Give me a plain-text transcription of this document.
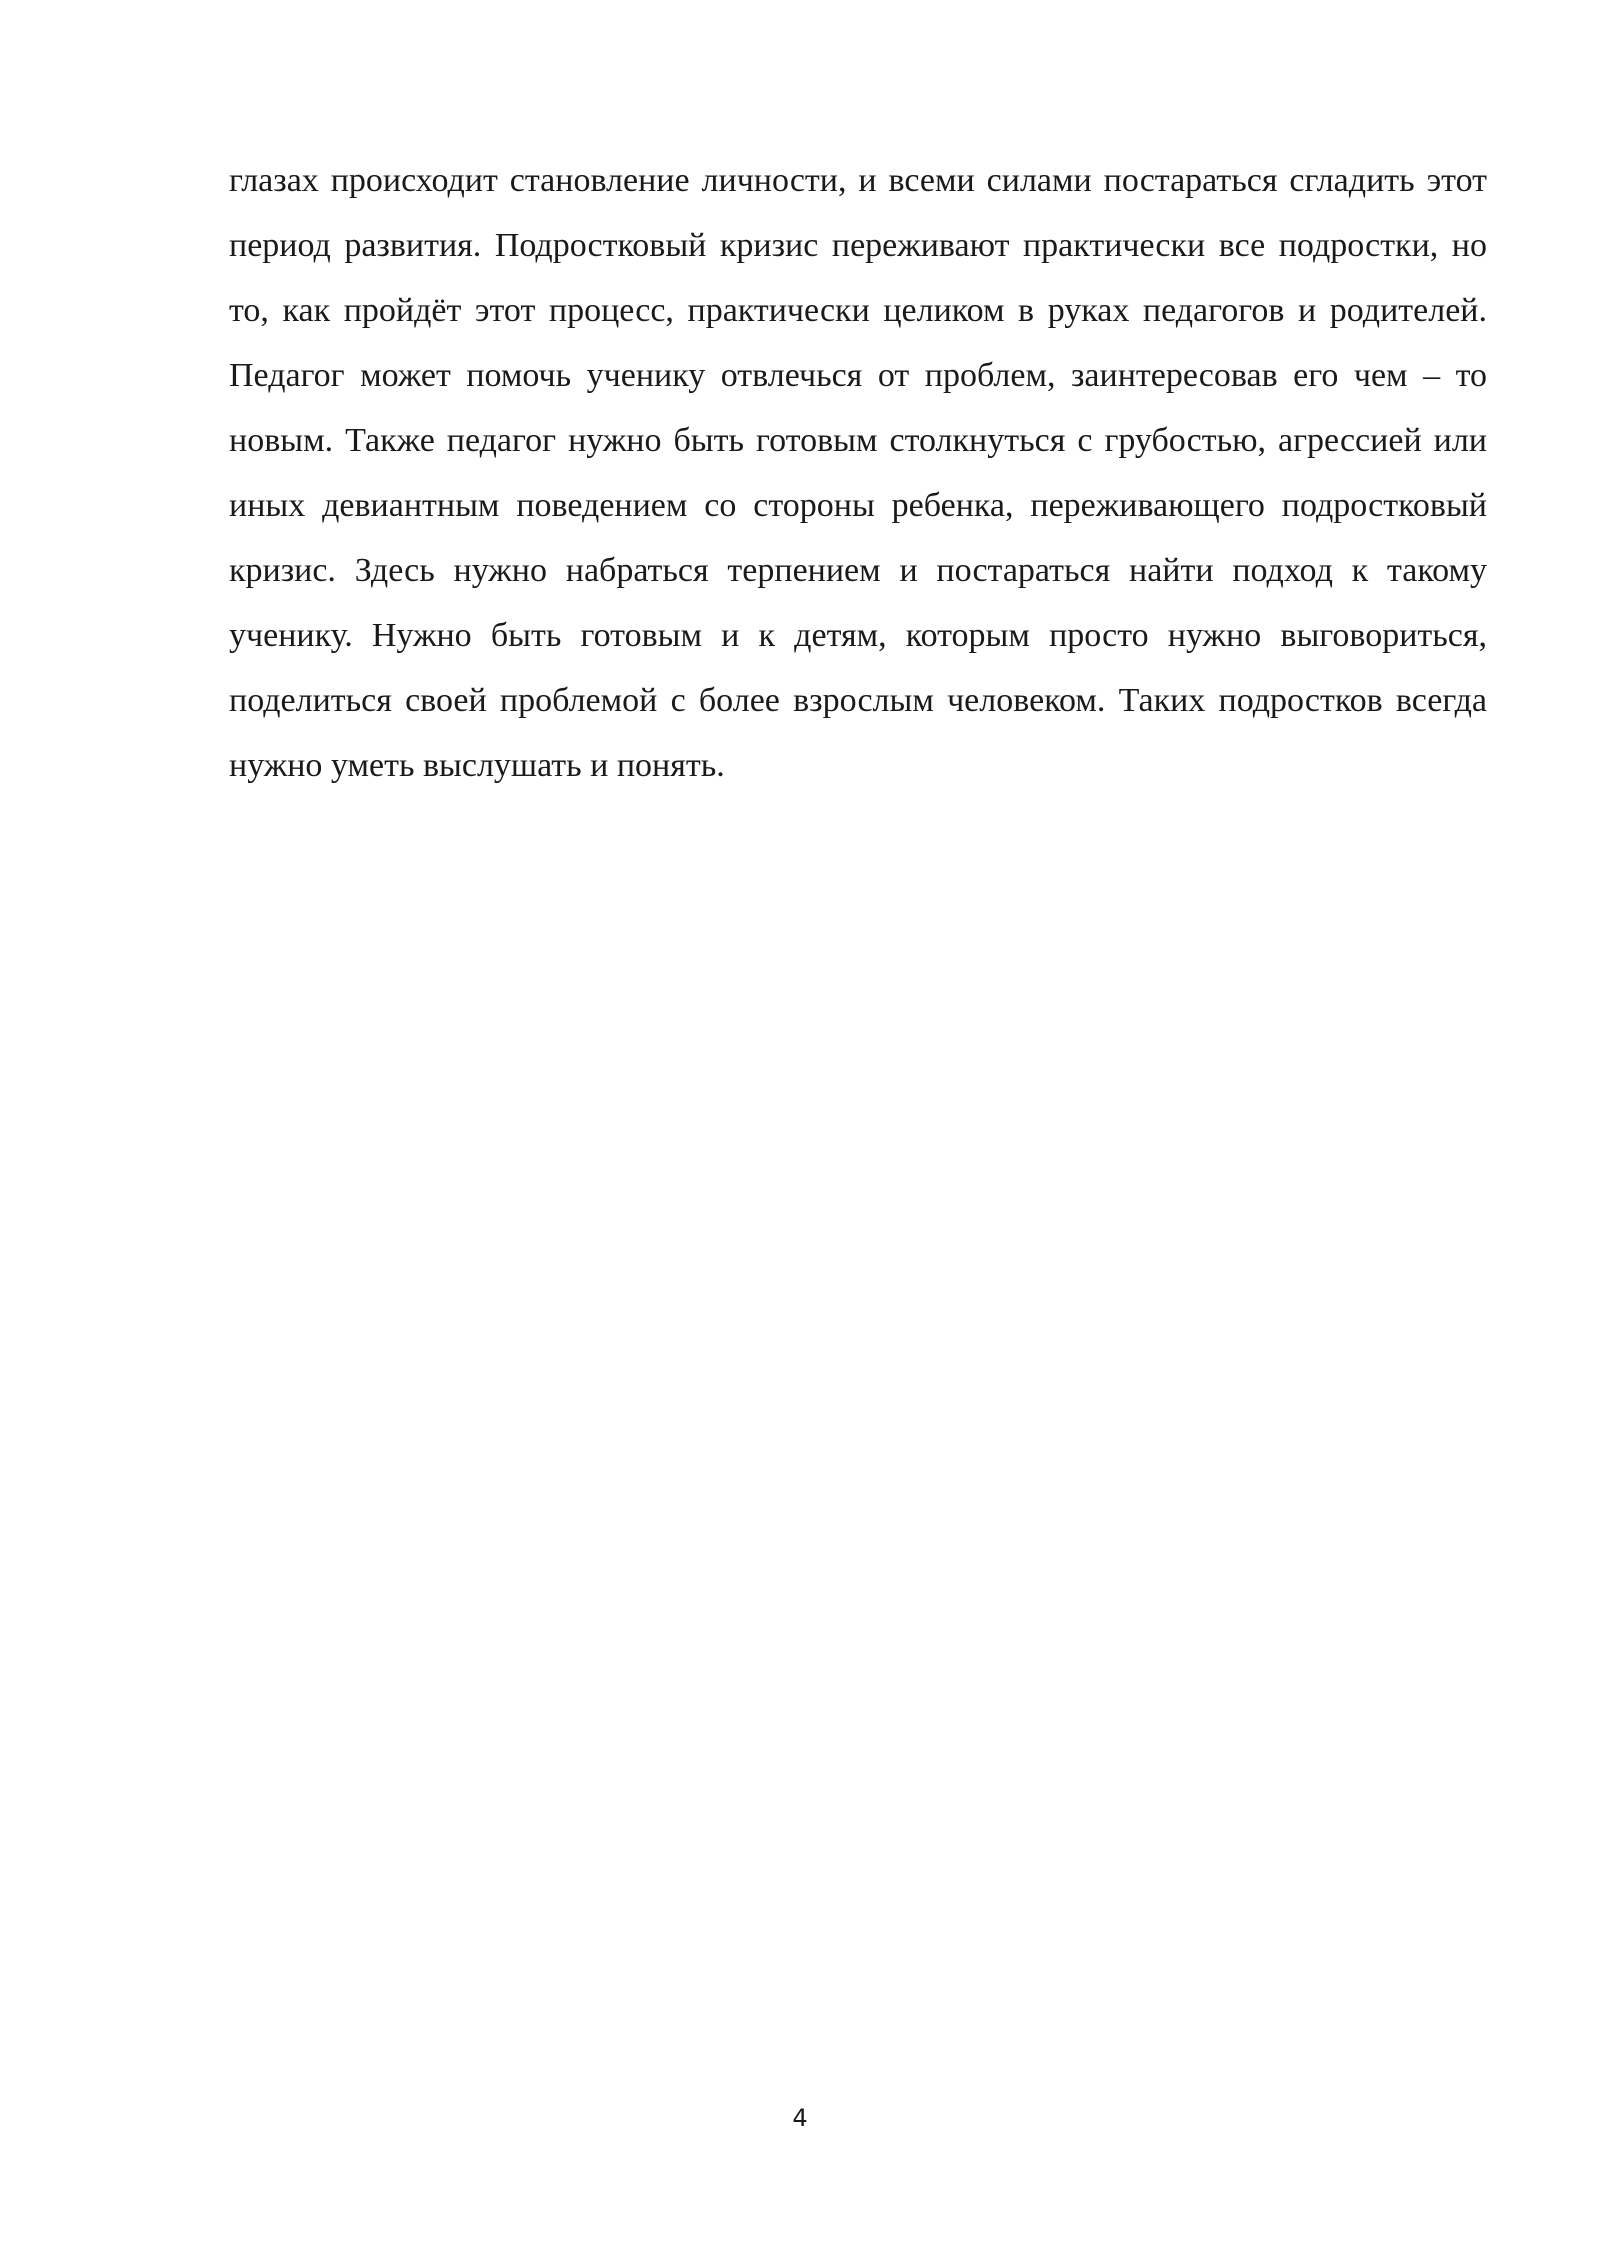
глазах происходит становление личности, и всеми силами постараться сгладить этот период развития. Подростковый кризис переживают практически все подростки, но то, как пройдёт этот процесс, практически целиком в руках педагогов и родителей. Педагог может помочь ученику отвлечься от проблем, заинтересовав его чем – то новым. Также педагог нужно быть готовым столкнуться с грубостью, агрессией или иных девиантным поведением со стороны ребенка, переживающего подростковый кризис. Здесь нужно набраться терпением и постараться найти подход к такому ученику. Нужно быть готовым и к детям, которым просто нужно выговориться, поделиться своей проблемой с более взрослым человеком. Таких подростков всегда нужно уметь выслушать и понять.

4
